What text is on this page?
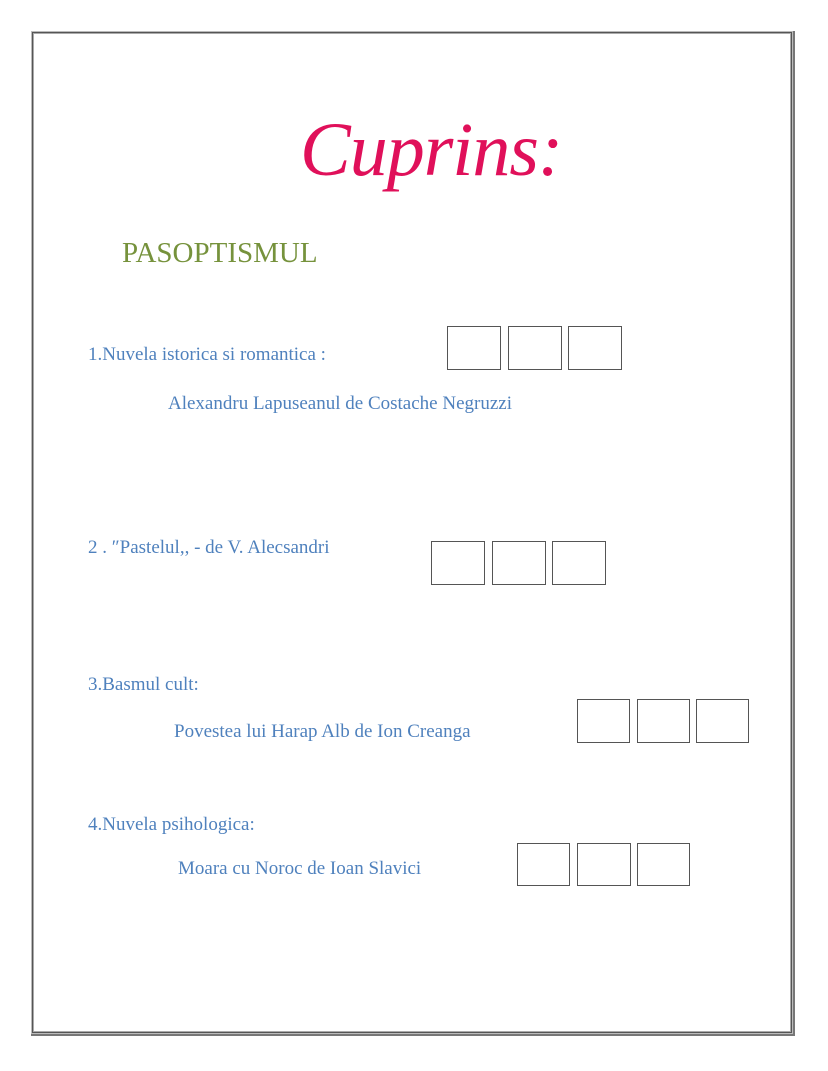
Cuprins:
PASOPTISMUL
1.Nuvela istorica si romantica :
Alexandru Lapuseanul de Costache Negruzzi
2 . ″Pastelul,, - de V. Alecsandri
3.Basmul cult:
Povestea lui Harap Alb de Ion Creanga
4.Nuvela psihologica:
Moara cu Noroc de Ioan Slavici
